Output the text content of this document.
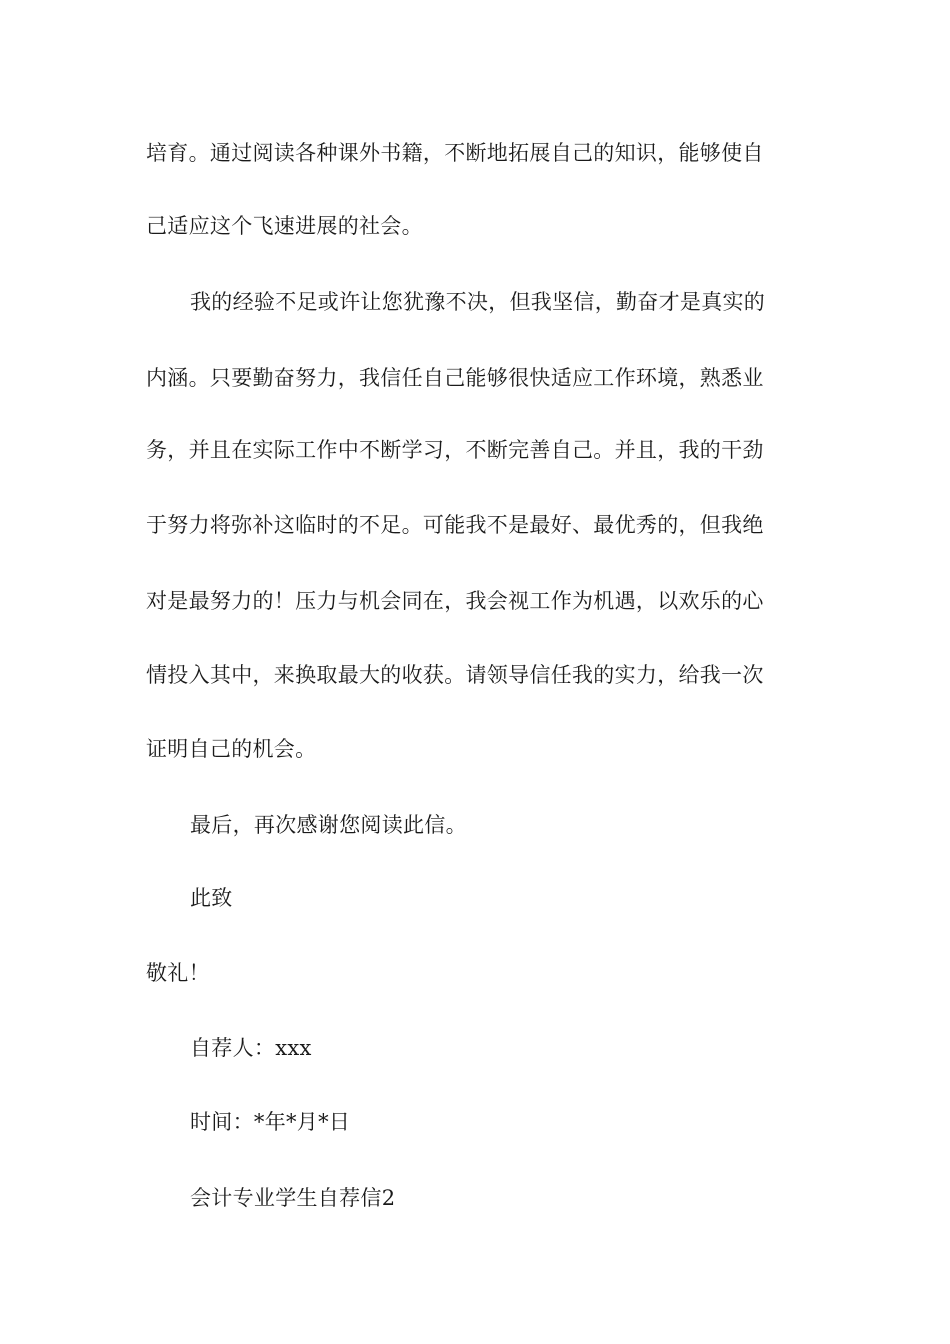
培育。通过阅读各种课外书籍，不断地拓展自己的知识，能够使自
己适应这个飞速进展的社会。
我的经验不足或许让您犹豫不决，但我坚信，勤奋才是真实的
内涵。只要勤奋努力，我信任自己能够很快适应工作环境，熟悉业
务，并且在实际工作中不断学习，不断完善自己。并且，我的干劲
于努力将弥补这临时的不足。可能我不是最好、最优秀的，但我绝
对是最努力的！压力与机会同在，我会视工作为机遇，以欢乐的心
情投入其中，来换取最大的收获。请领导信任我的实力，给我一次
证明自己的机会。
最后，再次感谢您阅读此信。
此致
敬礼！
自荐人：xxx
时间：*年*月*日
会计专业学生自荐信2
